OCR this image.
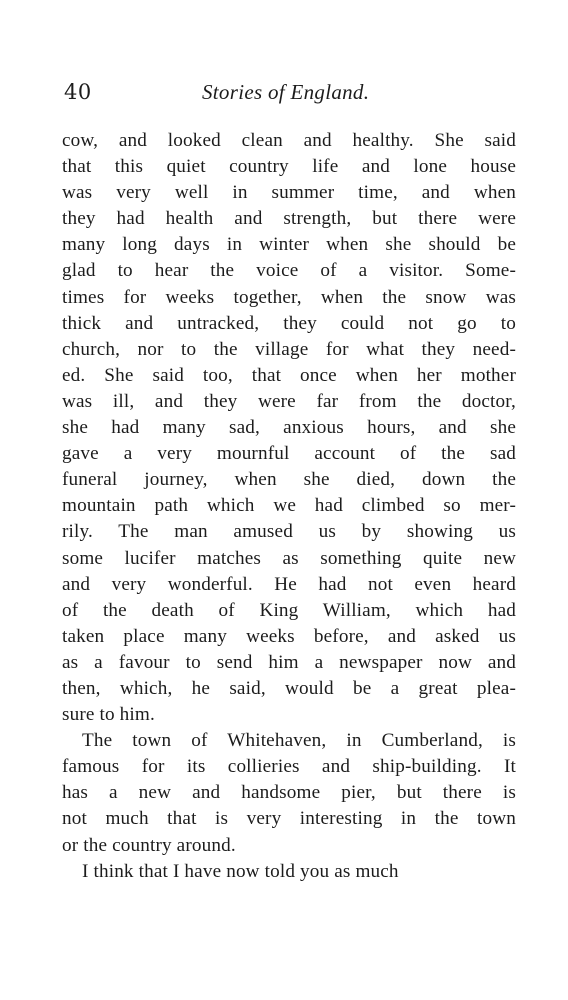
40	Stories of England.
cow, and looked clean and healthy. She said
that this quiet country life and lone house
was very well in summer time, and when
they had health and strength, but there were
many long days in winter when she should be
glad to hear the voice of a visitor. Some-
times for weeks together, when the snow was
thick and untracked, they could not go to
church, nor to the village for what they need-
ed. She said too, that once when her mother
was ill, and they were far from the doctor,
she had many sad, anxious hours, and she
gave a very mournful account of the sad
funeral journey, when she died, down the
mountain path which we had climbed so mer-
rily. The man amused us by showing us
some lucifer matches as something quite new
and very wonderful. He had not even heard
of the death of King William, which had
taken place many weeks before, and asked us
as a favour to send him a newspaper now and
then, which, he said, would be a great plea-
sure to him.
The town of Whitehaven, in Cumberland, is
famous for its collieries and ship-building. It
has a new and handsome pier, but there is
not much that is very interesting in the town
or the country around.
I think that I have now told you as much
